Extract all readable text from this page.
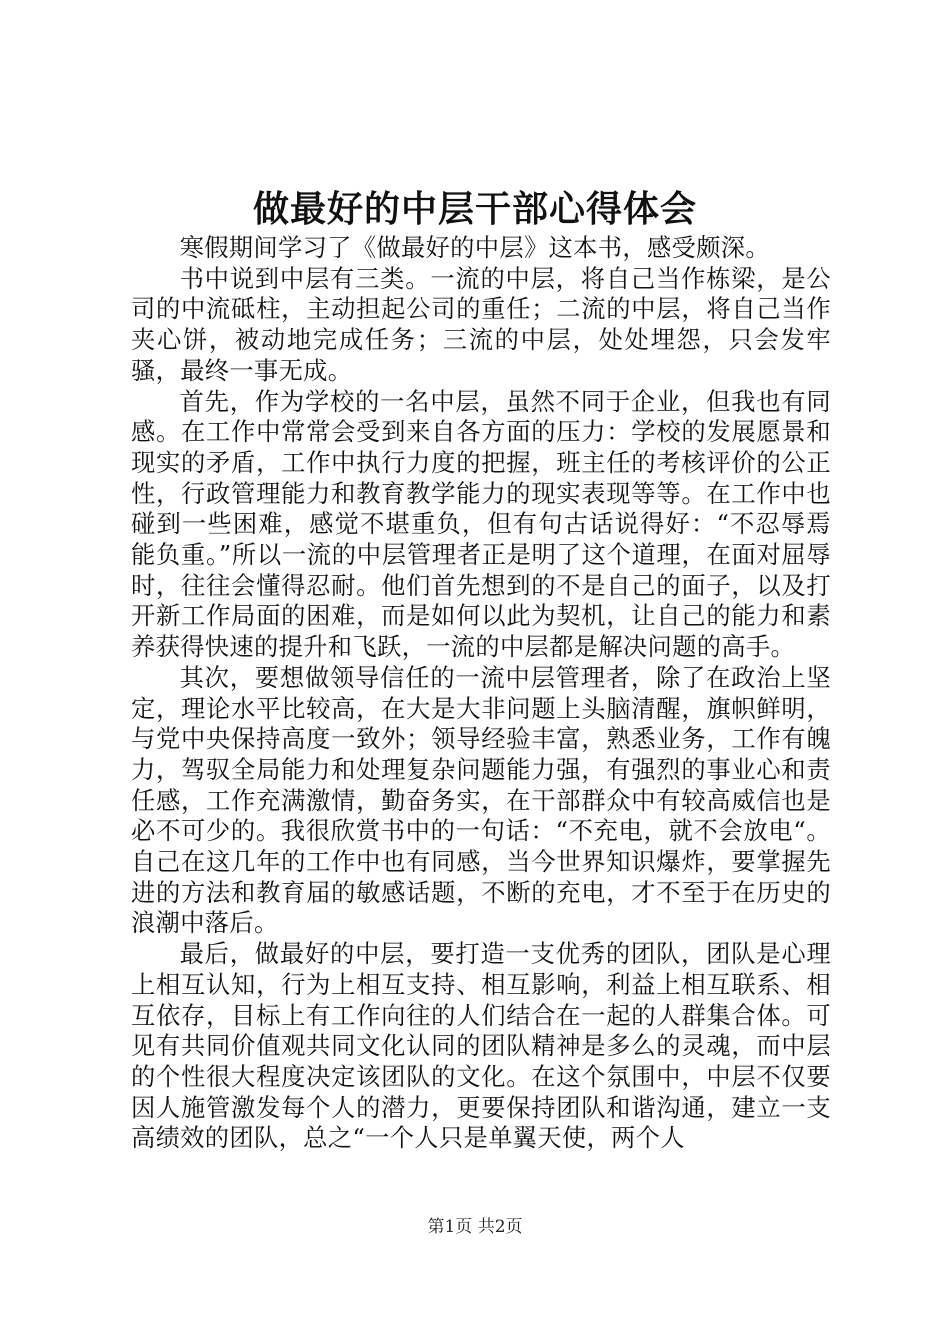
做最好的中层干部心得体会

寒假期间学习了《做最好的中层》这本书，感受颇深。

书中说到中层有三类。一流的中层，将自己当作栋梁，是公司的中流砥柱，主动担起公司的重任；二流的中层，将自己当作夹心饼，被动地完成任务；三流的中层，处处埋怨，只会发牢骚，最终一事无成。

首先，作为学校的一名中层，虽然不同于企业，但我也有同感。在工作中常常会受到来自各方面的压力：学校的发展愿景和现实的矛盾，工作中执行力度的把握，班主任的考核评价的公正性，行政管理能力和教育教学能力的现实表现等等。在工作中也碰到一些困难，感觉不堪重负，但有句古话说得好：“不忍辱焉能负重。”所以一流的中层管理者正是明了这个道理，在面对屈辱时，往往会懂得忍耐。他们首先想到的不是自己的面子，以及打开新工作局面的困难，而是如何以此为契机，让自己的能力和素养获得快速的提升和飞跃，一流的中层都是解决问题的高手。

其次，要想做领导信任的一流中层管理者，除了在政治上坚定，理论水平比较高，在大是大非问题上头脑清醒，旗帜鲜明，与党中央保持高度一致外；领导经验丰富，熟悉业务，工作有魄力，驾驭全局能力和处理复杂问题能力强，有强烈的事业心和责任感，工作充满激情，勤奋务实，在干部群众中有较高威信也是必不可少的。我很欣赏书中的一句话：“不充电，就不会放电“。自己在这几年的工作中也有同感，当今世界知识爆炸，要掌握先进的方法和教育届的敏感话题，不断的充电，才不至于在历史的浪潮中落后。

最后，做最好的中层，要打造一支优秀的团队，团队是心理上相互认知，行为上相互支持、相互影响，利益上相互联系、相互依存，目标上有工作向往的人们结合在一起的人群集合体。可见有共同价值观共同文化认同的团队精神是多么的灵魂，而中层的个性很大程度决定该团队的文化。在这个氛围中，中层不仅要因人施管激发每个人的潜力，更要保持团队和谐沟通，建立一支高绩效的团队，总之“一个人只是单翼天使，两个人

第1页 共2页
